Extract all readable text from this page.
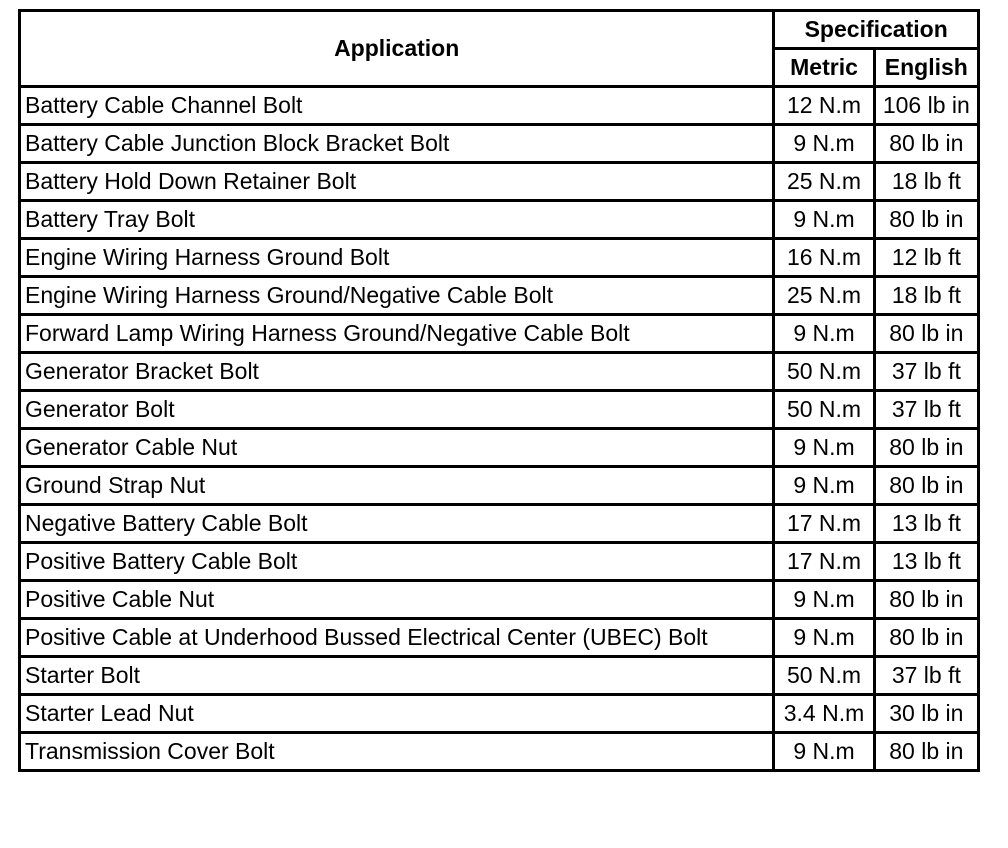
Application	Specification	
	Metric	English
Battery Cable Channel Bolt	12 N.m	106 lb in
Battery Cable Junction Block Bracket Bolt	9 N.m	80 lb in
Battery Hold Down Retainer Bolt	25 N.m	18 lb ft
Battery Tray Bolt	9 N.m	80 lb in
Engine Wiring Harness Ground Bolt	16 N.m	12 lb ft
Engine Wiring Harness Ground/Negative Cable Bolt	25 N.m	18 lb ft
Forward Lamp Wiring Harness Ground/Negative Cable Bolt	9 N.m	80 lb in
Generator Bracket Bolt	50 N.m	37 lb ft
Generator Bolt	50 N.m	37 lb ft
Generator Cable Nut	9 N.m	80 lb in
Ground Strap Nut	9 N.m	80 lb in
Negative Battery Cable Bolt	17 N.m	13 lb ft
Positive Battery Cable Bolt	17 N.m	13 lb ft
Positive Cable Nut	9 N.m	80 lb in
Positive Cable at Underhood Bussed Electrical Center (UBEC) Bolt	9 N.m	80 lb in
Starter Bolt	50 N.m	37 lb ft
Starter Lead Nut	3.4 N.m	30 lb in
Transmission Cover Bolt	9 N.m	80 lb in
